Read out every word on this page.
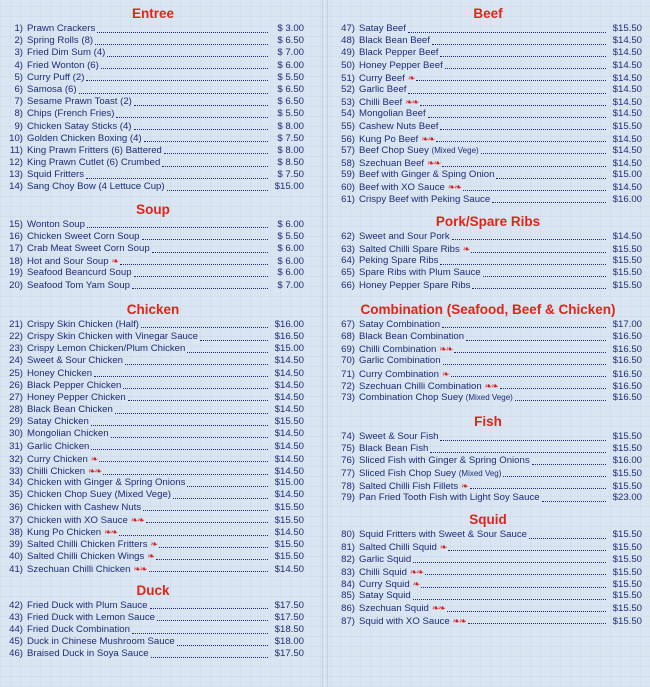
Entree
1) Prawn Crackers	$ 3.00
2) Spring Rolls (8)	$ 6.50
3) Fried Dim Sum (4)	$ 7.00
4) Fried Wonton (6)	$ 6.00
5) Curry Puff (2)	$ 5.50
6) Samosa (6)	$ 6.50
7) Sesame Prawn Toast (2)	$ 6.50
8) Chips (French Fries)	$ 5.50
9) Chicken Satay Sticks (4)	$ 8.00
10) Golden Chicken Boxing (4)	$ 7.50
11) King Prawn Fritters (6) Battered	$ 8.00
12) King Prawn Cutlet (6) Crumbed	$ 8.50
13) Squid Fritters	$ 7.50
14) Sang Choy Bow (4 Lettuce Cup)	$15.00
Soup
15) Wonton Soup	$ 6.00
16) Chicken Sweet Corn Soup	$ 5.50
17) Crab Meat Sweet Corn Soup	$ 6.00
18) Hot and Sour Soup ❧	$ 6.00
19) Seafood Beancurd Soup	$ 6.00
20) Seafood Tom Yam Soup	$ 7.00
Chicken
21) Crispy Skin Chicken (Half)	$16.00
22) Crispy Skin Chicken with Vinegar Sauce	$16.50
23) Crispy Lemon Chicken/Plum Chicken	$15.00
24) Sweet & Sour Chicken	$14.50
25) Honey Chicken	$14.50
26) Black Pepper Chicken	$14.50
27) Honey Pepper Chicken	$14.50
28) Black Bean Chicken	$14.50
29) Satay Chicken	$15.50
30) Mongolian Chicken	$14.50
31) Garlic Chicken	$14.50
32) Curry Chicken ❧	$14.50
33) Chilli Chicken ❧❧	$14.50
34) Chicken with Ginger & Spring Onions	$15.00
35) Chicken Chop Suey (Mixed Vege)	$14.50
36) Chicken with Cashew Nuts	$15.50
37) Chicken with XO Sauce ❧❧	$15.50
38) Kung Po Chicken ❧❧	$14.50
39) Salted Chilli Chicken Fritters ❧	$15.50
40) Salted Chilli Chicken Wings ❧	$15.50
41) Szechuan Chilli Chicken ❧❧	$14.50
Duck
42) Fried Duck with Plum Sauce	$17.50
43) Fried Duck with Lemon Sauce	$17.50
44) Fried Duck Combination	$18.50
45) Duck in Chinese Mushroom Sauce	$18.00
46) Braised Duck in Soya Sauce	$17.50
Beef
47) Satay Beef	$15.50
48) Black Bean Beef	$14.50
49) Black Pepper Beef	$14.50
50) Honey Pepper Beef	$14.50
51) Curry Beef ❧	$14.50
52) Garlic Beef	$14.50
53) Chilli Beef ❧❧	$14.50
54) Mongolian Beef	$14.50
55) Cashew Nuts Beef	$15.50
56) Kung Po Beef ❧❧	$14.50
57) Beef Chop Suey (Mixed Vege)	$14.50
58) Szechuan Beef ❧❧	$14.50
59) Beef with Ginger & Sping Onion	$15.00
60) Beef with XO Sauce ❧❧	$14.50
61) Crispy Beef with Peking Sauce	$16.00
Pork/Spare Ribs
62) Sweet and Sour Pork	$14.50
63) Salted Chilli Spare Ribs ❧	$15.50
64) Peking Spare Ribs	$15.50
65) Spare Ribs with Plum Sauce	$15.50
66) Honey Pepper Spare Ribs	$15.50
Combination (Seafood, Beef & Chicken)
67) Satay Combination	$17.00
68) Black Bean Combination	$16.50
69) Chilli Combination ❧❧	$16.50
70) Garlic Combination	$16.50
71) Curry Combination ❧	$16.50
72) Szechuan Chilli Combination ❧❧	$16.50
73) Combination Chop Suey (Mixed Vege)	$16.50
Fish
74) Sweet & Sour Fish	$15.50
75) Black Bean Fish	$15.50
76) Sliced Fish with Ginger & Spring Onions	$16.00
77) Sliced Fish Chop Suey (Mixed Veg)	$15.50
78) Salted Chilli Fish Fillets ❧	$15.50
79) Pan Fried Tooth Fish with Light Soy Sauce	$23.00
Squid
80) Squid Fritters with Sweet & Sour Sauce	$15.50
81) Salted Chilli Squid ❧	$15.50
82) Garlic Squid	$15.50
83) Chilli Squid ❧❧	$15.50
84) Curry Squid ❧	$15.50
85) Satay Squid	$15.50
86) Szechuan Squid ❧❧	$15.50
87) Squid with XO Sauce ❧❧	$15.50
